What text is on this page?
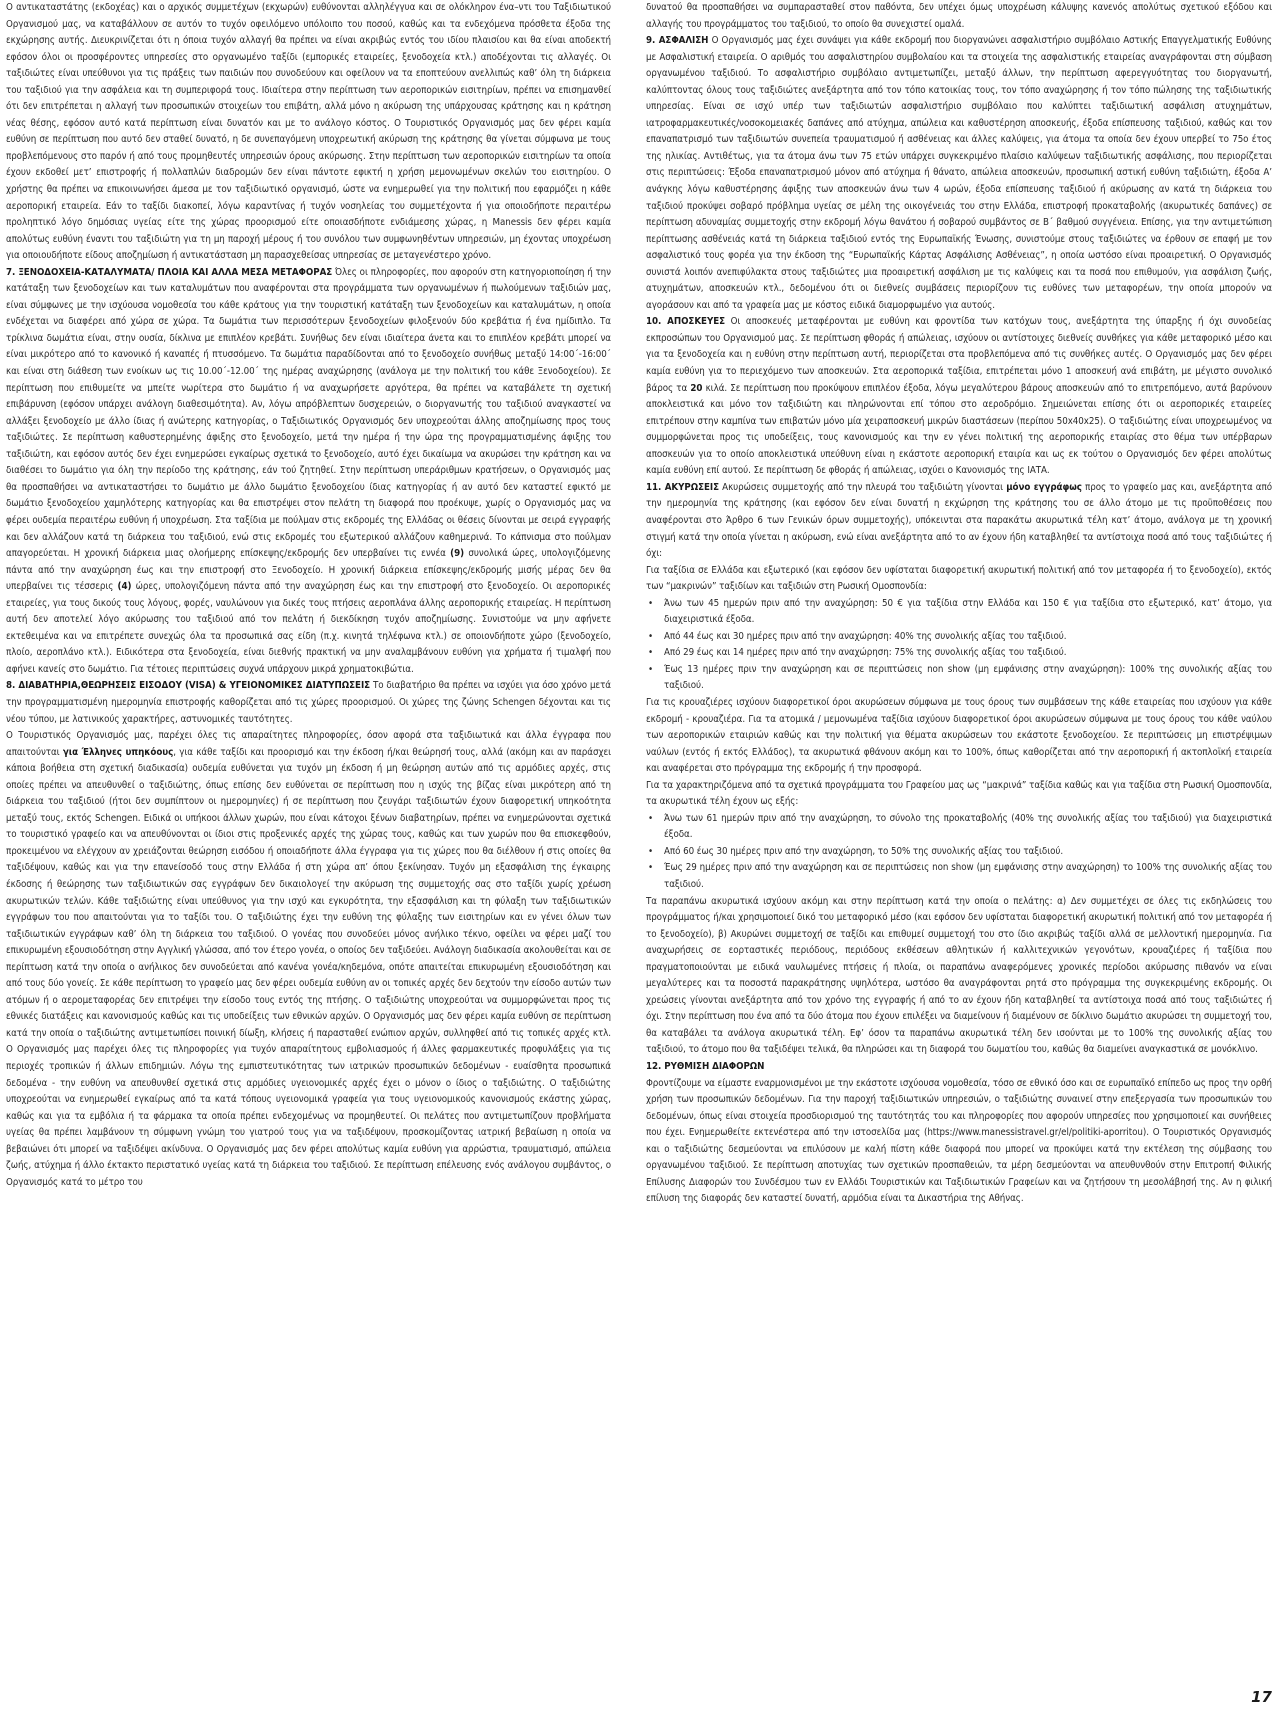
Ο αντικαταστάτης (εκδοχέας) και ο αρχικός συμμετέχων (εκχωρών) ευθύνονται αλληλέγγυα και σε ολόκληρον ένα–ντι του Ταξιδιωτικού Οργανισμού μας, να καταβάλλουν σε αυτόν το τυχόν οφειλόμενο υπόλοιπο του ποσού, καθώς και τα ενδεχόμενα πρόσθετα έξοδα της εκχώρησης αυτής. Διευκρινίζεται ότι η όποια τυχόν αλλαγή θα πρέπει να είναι ακριβώς εντός του ιδίου πλαισίου και θα είναι αποδεκτή εφόσον όλοι οι προσφέροντες υπηρεσίες στο οργανωμένο ταξίδι (εμπορικές εταιρείες, ξενοδοχεία κτλ.) αποδέχονται τις αλλαγές. Οι ταξιδιώτες είναι υπεύθυνοι για τις πράξεις των παιδιών που συνοδεύουν και οφείλουν να τα εποπτεύουν ανελλιπώς καθ’ όλη τη διάρκεια του ταξιδιού για την ασφάλεια και τη συμπεριφορά τους. Ιδιαίτερα στην περίπτωση των αεροπορικών εισιτηρίων, πρέπει να επισημανθεί ότι δεν επιτρέπεται η αλλαγή των προσωπικών στοιχείων του επιβάτη, αλλά μόνο η ακύρωση της υπάρχουσας κράτησης και η κράτηση νέας θέσης, εφόσον αυτό κατά περίπτωση είναι δυνατόν και με το ανάλογο κόστος. Ο Τουριστικός Οργανισμός μας δεν φέρει καμία ευθύνη σε περίπτωση που αυτό δεν σταθεί δυνατό, η δε συνεπαγόμενη υποχρεωτική ακύρωση της κράτησης θα γίνεται σύμφωνα με τους προβλεπόμενους στο παρόν ή από τους προμηθευτές υπηρεσιών όρους ακύρωσης. Στην περίπτωση των αεροπορικών εισιτηρίων τα οποία έχουν εκδοθεί μετ’ επιστροφής ή πολλαπλών διαδρομών δεν είναι πάντοτε εφικτή η χρήση μεμονωμένων σκελών του εισιτηρίου. Ο χρήστης θα πρέπει να επικοινωνήσει άμεσα με τον ταξιδιωτικό οργανισμό, ώστε να ενημερωθεί για την πολιτική που εφαρμόζει η κάθε αεροπορική εταιρεία. Εάν το ταξίδι διακοπεί, λόγω καραντίνας ή τυχόν νοσηλείας του συμμετέχοντα ή για οποιοδήποτε περαιτέρω προληπτικό λόγο δημόσιας υγείας είτε της χώρας προορισμού είτε οποιασδήποτε ενδιάμεσης χώρας, η Manessis δεν φέρει καμία απολύτως ευθύνη έναντι του ταξιδιώτη για τη μη παροχή μέρους ή του συνόλου των συμφωνηθέντων υπηρεσιών, μη έχοντας υποχρέωση για οποιουδήποτε είδους αποζημίωση ή αντικατάσταση μη παρασχεθείσας υπηρεσίας σε μεταγενέστερο χρόνο.

7. ΞΕΝΟΔΟΧΕΙΑ-ΚΑΤΑΛΥΜΑΤΑ/ ΠΛΟΙΑ ΚΑΙ ΑΛΛΑ ΜΕΣΑ ΜΕΤΑΦΟΡΑΣ Όλες οι πληροφορίες, που αφορούν στη κατηγοριοποίηση ή την κατάταξη των ξενοδοχείων και των καταλυμάτων που αναφέρονται στα προγράμματα των οργανωμένων ή πωλούμενων ταξιδιών μας, είναι σύμφωνες με την ισχύουσα νομοθεσία του κάθε κράτους για την τουριστική κατάταξη των ξενοδοχείων και καταλυμάτων, η οποία ενδέχεται να διαφέρει από χώρα σε χώρα. Τα δωμάτια των περισσότερων ξενοδοχείων φιλοξενούν δύο κρεβάτια ή ένα ημίδιπλο. Τα τρίκλινα δωμάτια είναι, στην ουσία, δίκλινα με επιπλέον κρεβάτι. Συνήθως δεν είναι ιδιαίτερα άνετα και το επιπλέον κρεβάτι μπορεί να είναι μικρότερο από το κανονικό ή καναπές ή πτυσσόμενο. Τα δωμάτια παραδίδονται από το ξενοδοχείο συνήθως μεταξύ 14:00΄-16:00΄ και είναι στη διάθεση των ενοίκων ως τις 10.00΄-12.00΄ της ημέρας αναχώρησης (ανάλογα με την πολιτική του κάθε Ξενοδοχείου). Σε περίπτωση που επιθυμείτε να μπείτε νωρίτερα στο δωμάτιο ή να αναχωρήσετε αργότερα, θα πρέπει να καταβάλετε τη σχετική επιβάρυνση (εφόσον υπάρχει ανάλογη διαθεσιμότητα). Αν, λόγω απρόβλεπτων δυσχερειών, ο διοργανωτής του ταξιδιού αναγκαστεί να αλλάξει ξενοδοχείο με άλλο ίδιας ή ανώτερης κατηγορίας, ο Ταξιδιωτικός Οργανισμός δεν υποχρεούται άλλης αποζημίωσης προς τους ταξιδιώτες. Σε περίπτωση καθυστερημένης άφιξης στο ξενοδοχείο, μετά την ημέρα ή την ώρα της προγραμματισμένης άφιξης του ταξιδιώτη, και εφόσον αυτός δεν έχει ενημερώσει εγκαίρως σχετικά το ξενοδοχείο, αυτό έχει δικαίωμα να ακυρώσει την κράτηση και να διαθέσει το δωμάτιο για όλη την περίοδο της κράτησης, εάν τού ζητηθεί. Στην περίπτωση υπεράριθμων κρατήσεων, ο Οργανισμός μας θα προσπαθήσει να αντικαταστήσει το δωμάτιο με άλλο δωμάτιο ξενοδοχείου ίδιας κατηγορίας ή αν αυτό δεν καταστεί εφικτό με δωμάτιο ξενοδοχείου χαμηλότερης κατηγορίας και θα επιστρέψει στον πελάτη τη διαφορά που προέκυψε, χωρίς ο Οργανισμός μας να φέρει ουδεμία περαιτέρω ευθύνη ή υποχρέωση. Στα ταξίδια με πούλμαν στις εκδρομές της Ελλάδας οι θέσεις δίνονται με σειρά εγγραφής και δεν αλλάζουν κατά τη διάρκεια του ταξιδιού, ενώ στις εκδρομές του εξωτερικού αλλάζουν καθημερινά. Το κάπνισμα στο πούλμαν απαγορεύεται. Η χρονική διάρκεια μιας ολοήμερης επίσκεψης/εκδρομής δεν υπερβαίνει τις εννέα (9) συνολικά ώρες, υπολογιζόμενης πάντα από την αναχώρηση έως και την επιστροφή στο Ξενοδοχείο. Η χρονική διάρκεια επίσκεψης/εκδρομής μισής μέρας δεν θα υπερβαίνει τις τέσσερις (4) ώρες, υπολογιζόμενη πάντα από την αναχώρηση έως και την επιστροφή στο ξενοδοχείο. Οι αεροπορικές εταιρείες, για τους δικούς τους λόγους, φορές, ναυλώνουν για δικές τους πτήσεις αεροπλάνα άλλης αεροπορικής εταιρείας. Η περίπτωση αυτή δεν αποτελεί λόγο ακύρωσης του ταξιδιού από τον πελάτη ή διεκδίκηση τυχόν αποζημίωσης. Συνιστούμε να μην αφήνετε εκτεθειμένα και να επιτρέπετε συνεχώς όλα τα προσωπικά σας είδη (π.χ. κινητά τηλέφωνα κτλ.) σε οποιονδήποτε χώρο (ξενοδοχείο, πλοίο, αεροπλάνο κτλ.). Ειδικότερα στα ξενοδοχεία, είναι διεθνής πρακτική να μην αναλαμβάνουν ευθύνη για χρήματα ή τιμαλφή που αφήνει κανείς στο δωμάτιο. Για τέτοιες περιπτώσεις συχνά υπάρχουν μικρά χρηματοκιβώτια.

8. ΔΙΑΒΑΤΗΡΙΑ,ΘΕΩΡΗΣΕΙΣ ΕΙΣΟΔΟΥ (VISA) & ΥΓΕΙΟΝΟΜΙΚΕΣ ΔΙΑΤΥΠΩΣΕΙΣ Το διαβατήριο θα πρέπει να ισχύει για όσο χρόνο μετά την προγραμματισμένη ημερομηνία επιστροφής καθορίζεται από τις χώρες προορισμού. Οι χώρες της ζώνης Schengen δέχονται και τις νέου τύπου, με λατινικούς χαρακτήρες, αστυνομικές ταυτότητες.

Ο Τουριστικός Οργανισμός μας, παρέχει όλες τις απαραίτητες πληροφορίες, όσον αφορά στα ταξιδιωτικά και άλλα έγγραφα που απαιτούνται για Έλληνες υπηκόους, για κάθε ταξίδι και προορισμό και την έκδοση ή/και θεώρησή τους, αλλά (ακόμη και αν παράσχει κάποια βοήθεια στη σχετική διαδικασία) ουδεμία ευθύνεται για τυχόν μη έκδοση ή μη θεώρηση αυτών από τις αρμόδιες αρχές, στις οποίες πρέπει να απευθυνθεί ο ταξιδιώτης, όπως επίσης δεν ευθύνεται σε περίπτωση που η ισχύς της βίζας είναι μικρότερη από τη διάρκεια του ταξιδιού (ήτοι δεν συμπίπτουν οι ημερομηνίες) ή σε περίπτωση που ζευγάρι ταξιδιωτών έχουν διαφορετική υπηκοότητα μεταξύ τους, εκτός Schengen. Ειδικά οι υπήκοοι άλλων χωρών, που είναι κάτοχοι ξένων διαβατηρίων, πρέπει να ενημερώνονται σχετικά το τουριστικό γραφείο και να απευθύνονται οι ίδιοι στις προξενικές αρχές της χώρας τους, καθώς και των χωρών που θα επισκεφθούν, προκειμένου να ελέγχουν αν χρειάζονται θεώρηση εισόδου ή οποιαδήποτε άλλα έγγραφα για τις χώρες που θα διέλθουν ή στις οποίες θα ταξιδέψουν, καθώς και για την επανείσοδό τους στην Ελλάδα ή στη χώρα απ’ όπου ξεκίνησαν. Τυχόν μη εξασφάλιση της έγκαιρης έκδοσης ή θεώρησης των ταξιδιωτικών σας εγγράφων δεν δικαιολογεί την ακύρωση της συμμετοχής σας στο ταξίδι χωρίς χρέωση ακυρωτικών τελών. Κάθε ταξιδιώτης είναι υπεύθυνος για την ισχύ και εγκυρότητα, την εξασφάλιση και τη φύλαξη των ταξιδιωτικών εγγράφων του που απαιτούνται για το ταξίδι του. Ο ταξιδιώτης έχει την ευθύνη της φύλαξης των εισιτηρίων και εν γένει όλων των ταξιδιωτικών εγγράφων καθ’ όλη τη διάρκεια του ταξιδιού. Ο γονέας που συνοδεύει μόνος ανήλικο τέκνο, οφείλει να φέρει μαζί του επικυρωμένη εξουσιοδότηση στην Αγγλική γλώσσα, από τον έτερο γονέα, ο οποίος δεν ταξιδεύει. Ανάλογη διαδικασία ακολουθείται και σε περίπτωση κατά την οποία ο ανήλικος δεν συνοδεύεται από κανένα γονέα/κηδεμόνα, οπότε απαιτείται επικυρωμένη εξουσιοδότηση και από τους δύο γονείς. Σε κάθε περίπτωση το γραφείο μας δεν φέρει ουδεμία ευθύνη αν οι τοπικές αρχές δεν δεχτούν την είσοδο αυτών των ατόμων ή ο αερομεταφορέας δεν επιτρέψει την είσοδο τους εντός της πτήσης. Ο ταξιδιώτης υποχρεούται να συμμορφώνεται προς τις εθνικές διατάξεις και κανονισμούς καθώς και τις υποδείξεις των εθνικών αρχών. Ο Οργανισμός μας δεν φέρει καμία ευθύνη σε περίπτωση κατά την οποία ο ταξιδιώτης αντιμετωπίσει ποινική δίωξη, κλήσεις ή παρασταθεί ενώπιον αρχών, συλληφθεί από τις τοπικές αρχές κτλ. Ο Οργανισμός μας παρέχει όλες τις πληροφορίες για τυχόν απαραίτητους εμβολιασμούς ή άλλες φαρμακευτικές προφυλάξεις για τις περιοχές τροπικών ή άλλων επιδημιών. Λόγω της εμπιστευτικότητας των ιατρικών προσωπικών δεδομένων - ευαίσθητα προσωπικά δεδομένα - την ευθύνη να απευθυνθεί σχετικά στις αρμόδιες υγειονομικές αρχές έχει ο μόνον ο ίδιος ο ταξιδιώτης. Ο ταξιδιώτης υποχρεούται να ενημερωθεί εγκαίρως από τα κατά τόπους υγειονομικά γραφεία για τους υγειονομικούς κανονισμούς εκάστης χώρας, καθώς και για τα εμβόλια ή τα φάρμακα τα οποία πρέπει ενδεχομένως να προμηθευτεί. Οι πελάτες που αντιμετωπίζουν προβλήματα υγείας θα πρέπει λαμβάνουν τη σύμφωνη γνώμη του γιατρού τους για να ταξιδέψουν, προσκομίζοντας ιατρική βεβαίωση η οποία να βεβαιώνει ότι μπορεί να ταξιδέψει ακίνδυνα. Ο Οργανισμός μας δεν φέρει απολύτως καμία ευθύνη για αρρώστια, τραυματισμό, απώλεια ζωής, ατύχημα ή άλλο έκτακτο περιστατικό υγείας κατά τη διάρκεια του ταξιδιού. Σε περίπτωση επέλευσης ενός ανάλογου συμβάντος, ο Οργανισμός κατά το μέτρο του

δυνατού θα προσπαθήσει να συμπαρασταθεί στον παθόντα, δεν υπέχει όμως υποχρέωση κάλυψης κανενός απολύτως σχετικού εξόδου και αλλαγής του προγράμματος του ταξιδιού, το οποίο θα συνεχιστεί ομαλά.

9. ΑΣΦΑΛΙΣΗ Ο Οργανισμός μας έχει συνάψει για κάθε εκδρομή που διοργανώνει ασφαλιστήριο συμβόλαιο Αστικής Επαγγελματικής Ευθύνης με Ασφαλιστική εταιρεία. Ο αριθμός του ασφαλιστηρίου συμβολαίου και τα στοιχεία της ασφαλιστικής εταιρείας αναγράφονται στη σύμβαση οργανωμένου ταξιδιού. Το ασφαλιστήριο συμβόλαιο αντιμετωπίζει, μεταξύ άλλων, την περίπτωση αφερεγγυότητας του διοργανωτή, καλύπτοντας όλους τους ταξιδιώτες ανεξάρτητα από τον τόπο κατοικίας τους, τον τόπο αναχώρησης ή τον τόπο πώλησης της ταξιδιωτικής υπηρεσίας. Είναι σε ισχύ υπέρ των ταξιδιωτών ασφαλιστήριο συμβόλαιο που καλύπτει ταξιδιωτική ασφάλιση ατυχημάτων, ιατροφαρμακευτικές/νοσοκομειακές δαπάνες από ατύχημα, απώλεια και καθυστέρηση αποσκευής, έξοδα επίσπευσης ταξιδιού, καθώς και τον επαναπατρισμό των ταξιδιωτών συνεπεία τραυματισμού ή ασθένειας και άλλες καλύψεις, για άτομα τα οποία δεν έχουν υπερβεί το 75ο έτος της ηλικίας. Αντιθέτως, για τα άτομα άνω των 75 ετών υπάρχει συγκεκριμένο πλαίσιο καλύψεων ταξιδιωτικής ασφάλισης, που περιορίζεται στις περιπτώσεις: Έξοδα επαναπατρισμού μόνον από ατύχημα ή θάνατο, απώλεια αποσκευών, προσωπική αστική ευθύνη ταξιδιώτη, έξοδα Α’ ανάγκης λόγω καθυστέρησης άφιξης των αποσκευών άνω των 4 ωρών, έξοδα επίσπευσης ταξιδιού ή ακύρωσης αν κατά τη διάρκεια του ταξιδιού προκύψει σοβαρό πρόβλημα υγείας σε μέλη της οικογένειάς του στην Ελλάδα, επιστροφή προκαταβολής (ακυρωτικές δαπάνες) σε περίπτωση αδυναμίας συμμετοχής στην εκδρομή λόγω θανάτου ή σοβαρού συμβάντος σε Β΄ βαθμού συγγένεια. Επίσης, για την αντιμετώπιση περίπτωσης ασθένειάς κατά τη διάρκεια ταξιδιού εντός της Ευρωπαϊκής Ένωσης, συνιστούμε στους ταξιδιώτες να έρθουν σε επαφή με τον ασφαλιστικό τους φορέα για την έκδοση της “Ευρωπαϊκής Κάρτας Ασφάλισης Ασθένειας”, η οποία ωστόσο είναι προαιρετική. Ο Οργανισμός συνιστά λοιπόν ανεπιφύλακτα στους ταξιδιώτες μια προαιρετική ασφάλιση με τις καλύψεις και τα ποσά που επιθυμούν, για ασφάλιση ζωής, ατυχημάτων, αποσκευών κτλ., δεδομένου ότι οι διεθνείς συμβάσεις περιορίζουν τις ευθύνες των μεταφορέων, την οποία μπορούν να αγοράσουν και από τα γραφεία μας με κόστος ειδικά διαμορφωμένο για αυτούς.

10. ΑΠΟΣΚΕΥΕΣ Οι αποσκευές μεταφέρονται με ευθύνη και φροντίδα των κατόχων τους, ανεξάρτητα της ύπαρξης ή όχι συνοδείας εκπροσώπων του Οργανισμού μας. Σε περίπτωση φθοράς ή απώλειας, ισχύουν οι αντίστοιχες διεθνείς συνθήκες για κάθε μεταφορικό μέσο και για τα ξενοδοχεία και η ευθύνη στην περίπτωση αυτή, περιορίζεται στα προβλεπόμενα από τις συνθήκες αυτές. Ο Οργανισμός μας δεν φέρει καμία ευθύνη για το περιεχόμενο των αποσκευών. Στα αεροπορικά ταξίδια, επιτρέπεται μόνο 1 αποσκευή ανά επιβάτη, με μέγιστο συνολικό βάρος τα 20 κιλά. Σε περίπτωση που προκύψουν επιπλέον έξοδα, λόγω μεγαλύτερου βάρους αποσκευών από το επιτρεπόμενο, αυτά βαρύνουν αποκλειστικά και μόνο τον ταξιδιώτη και πληρώνονται επί τόπου στο αεροδρόμιο. Σημειώνεται επίσης ότι οι αεροπορικές εταιρείες επιτρέπουν στην καμπίνα των επιβατών μόνο μία χειραποσκευή μικρών διαστάσεων (περίπου 50x40x25). Ο ταξιδιώτης είναι υποχρεωμένος να συμμορφώνεται προς τις υποδείξεις, τους κανονισμούς και την εν γένει πολιτική της αεροπορικής εταιρίας στο θέμα των υπέρβαρων αποσκευών για το οποίο αποκλειστικά υπεύθυνη είναι η εκάστοτε αεροπορική εταιρία και ως εκ τούτου ο Οργανισμός δεν φέρει απολύτως καμία ευθύνη επί αυτού. Σε περίπτωση δε φθοράς ή απώλειας, ισχύει ο Κανονισμός της ΙΑΤΑ.

11. ΑΚΥΡΩΣΕΙΣ Ακυρώσεις συμμετοχής από την πλευρά του ταξιδιώτη γίνονται μόνο εγγράφως προς το γραφείο μας και, ανεξάρτητα από την ημερομηνία της κράτησης (και εφόσον δεν είναι δυνατή η εκχώρηση της κράτησης του σε άλλο άτομο με τις προϋποθέσεις που αναφέρονται στο Άρθρο 6 των Γενικών όρων συμμετοχής), υπόκεινται στα παρακάτω ακυρωτικά τέλη κατ’ άτομο, ανάλογα με τη χρονική στιγμή κατά την οποία γίνεται η ακύρωση, ενώ είναι ανεξάρτητα από το αν έχουν ήδη καταβληθεί τα αντίστοιχα ποσά από τους ταξιδιώτες ή όχι:

Για ταξίδια σε Ελλάδα και εξωτερικό (και εφόσον δεν υφίσταται διαφορετική ακυρωτική πολιτική από τον μεταφορέα ή το ξενοδοχείο), εκτός των “μακρινών” ταξιδίων και ταξιδιών στη Ρωσική Ομοσπονδία:

• Άνω των 45 ημερών πριν από την αναχώρηση: 50 € για ταξίδια στην Ελλάδα και 150 € για ταξίδια στο εξωτερικό, κατ’ άτομο, για διαχειριστικά έξοδα.
• Από 44 έως και 30 ημέρες πριν από την αναχώρηση: 40% της συνολικής αξίας του ταξιδιού.
• Από 29 έως και 14 ημέρες πριν από την αναχώρηση: 75% της συνολικής αξίας του ταξιδιού.
• Έως 13 ημέρες πριν την αναχώρηση και σε περιπτώσεις non show (μη εμφάνισης στην αναχώρηση): 100% της συνολικής αξίας του ταξιδιού.

Για τις κρουαζιέρες ισχύουν διαφορετικοί όροι ακυρώσεων σύμφωνα με τους όρους των συμβάσεων της κάθε εταιρείας που ισχύουν για κάθε εκδρομή - κρουαζιέρα. Για τα ατομικά / μεμονωμένα ταξίδια ισχύουν διαφορετικοί όροι ακυρώσεων σύμφωνα με τους όρους του κάθε ναύλου των αεροπορικών εταιριών καθώς και την πολιτική για θέματα ακυρώσεων του εκάστοτε ξενοδοχείου. Σε περιπτώσεις μη επιστρέψιμων ναύλων (εντός ή εκτός Ελλάδος), τα ακυρωτικά φθάνουν ακόμη και το 100%, όπως καθορίζεται από την αεροπορική ή ακτοπλοϊκή εταιρεία και αναφέρεται στο πρόγραμμα της εκδρομής ή την προσφορά.

Για τα χαρακτηριζόμενα από τα σχετικά προγράμματα του Γραφείου μας ως “μακρινά” ταξίδια καθώς και για ταξίδια στη Ρωσική Ομοσπονδία, τα ακυρωτικά τέλη έχουν ως εξής:

• Άνω των 61 ημερών πριν από την αναχώρηση, το σύνολο της προκαταβολής (40% της συνολικής αξίας του ταξιδιού) για διαχειριστικά έξοδα.
• Από 60 έως 30 ημέρες πριν από την αναχώρηση, το 50% της συνολικής αξίας του ταξιδιού.
• Έως 29 ημέρες πριν από την αναχώρηση και σε περιπτώσεις non show (μη εμφάνισης στην αναχώρηση) το 100% της συνολικής αξίας του ταξιδιού.

Τα παραπάνω ακυρωτικά ισχύουν ακόμη και στην περίπτωση κατά την οποία ο πελάτης: α) Δεν συμμετέχει σε όλες τις εκδηλώσεις του προγράμματος ή/και χρησιμοποιεί δικό του μεταφορικό μέσο (και εφόσον δεν υφίσταται διαφορετική ακυρωτική πολιτική από τον μεταφορέα ή το ξενοδοχείο), β) Ακυρώνει συμμετοχή σε ταξίδι και επιθυμεί συμμετοχή του στο ίδιο ακριβώς ταξίδι αλλά σε μελλοντική ημερομηνία. Για αναχωρήσεις σε εορταστικές περιόδους, περιόδους εκθέσεων αθλητικών ή καλλιτεχνικών γεγονότων, κρουαζιέρες ή ταξίδια που πραγματοποιούνται με ειδικά ναυλωμένες πτήσεις ή πλοία, οι παραπάνω αναφερόμενες χρονικές περίοδοι ακύρωσης πιθανόν να είναι μεγαλύτερες και τα ποσοστά παρακράτησης υψηλότερα, ωστόσο θα αναγράφονται ρητά στο πρόγραμμα της συγκεκριμένης εκδρομής. Οι χρεώσεις γίνονται ανεξάρτητα από τον χρόνο της εγγραφής ή από το αν έχουν ήδη καταβληθεί τα αντίστοιχα ποσά από τους ταξιδιώτες ή όχι. Στην περίπτωση που ένα από τα δύο άτομα που έχουν επιλέξει να διαμείνουν ή διαμένουν σε δίκλινο δωμάτιο ακυρώσει τη συμμετοχή του, θα καταβάλει τα ανάλογα ακυρωτικά τέλη. Εφ’ όσον τα παραπάνω ακυρωτικά τέλη δεν ισούνται με το 100% της συνολικής αξίας του ταξιδιού, το άτομο που θα ταξιδέψει τελικά, θα πληρώσει και τη διαφορά του δωματίου του, καθώς θα διαμείνει αναγκαστικά σε μονόκλινο.

12. ΡΥΘΜΙΣΗ ΔΙΑΦΟΡΩΝ

Φροντίζουμε να είμαστε εναρμονισμένοι με την εκάστοτε ισχύουσα νομοθεσία, τόσο σε εθνικό όσο και σε ευρωπαϊκό επίπεδο ως προς την ορθή χρήση των προσωπικών δεδομένων. Για την παροχή ταξιδιωτικών υπηρεσιών, ο ταξιδιώτης συναινεί στην επεξεργασία των προσωπικών του δεδομένων, όπως είναι στοιχεία προσδιορισμού της ταυτότητάς του και πληροφορίες που αφορούν υπηρεσίες που χρησιμοποιεί και συνήθειες που έχει. Ενημερωθείτε εκτενέστερα από την ιστοσελίδα μας (https://www.manessistravel.gr/el/politiki-aporritou). Ο Τουριστικός Οργανισμός και ο ταξιδιώτης δεσμεύονται να επιλύσουν με καλή πίστη κάθε διαφορά που μπορεί να προκύψει κατά την εκτέλεση της σύμβασης του οργανωμένου ταξιδιού. Σε περίπτωση αποτυχίας των σχετικών προσπαθειών, τα μέρη δεσμεύονται να απευθυνθούν στην Επιτροπή Φιλικής Επίλυσης Διαφορών του Συνδέσμου των εν Ελλάδι Τουριστικών και Ταξιδιωτικών Γραφείων και να ζητήσουν τη μεσολάβησή της. Αν η φιλική επίλυση της διαφοράς δεν καταστεί δυνατή, αρμόδια είναι τα Δικαστήρια της Αθήνας.

17
